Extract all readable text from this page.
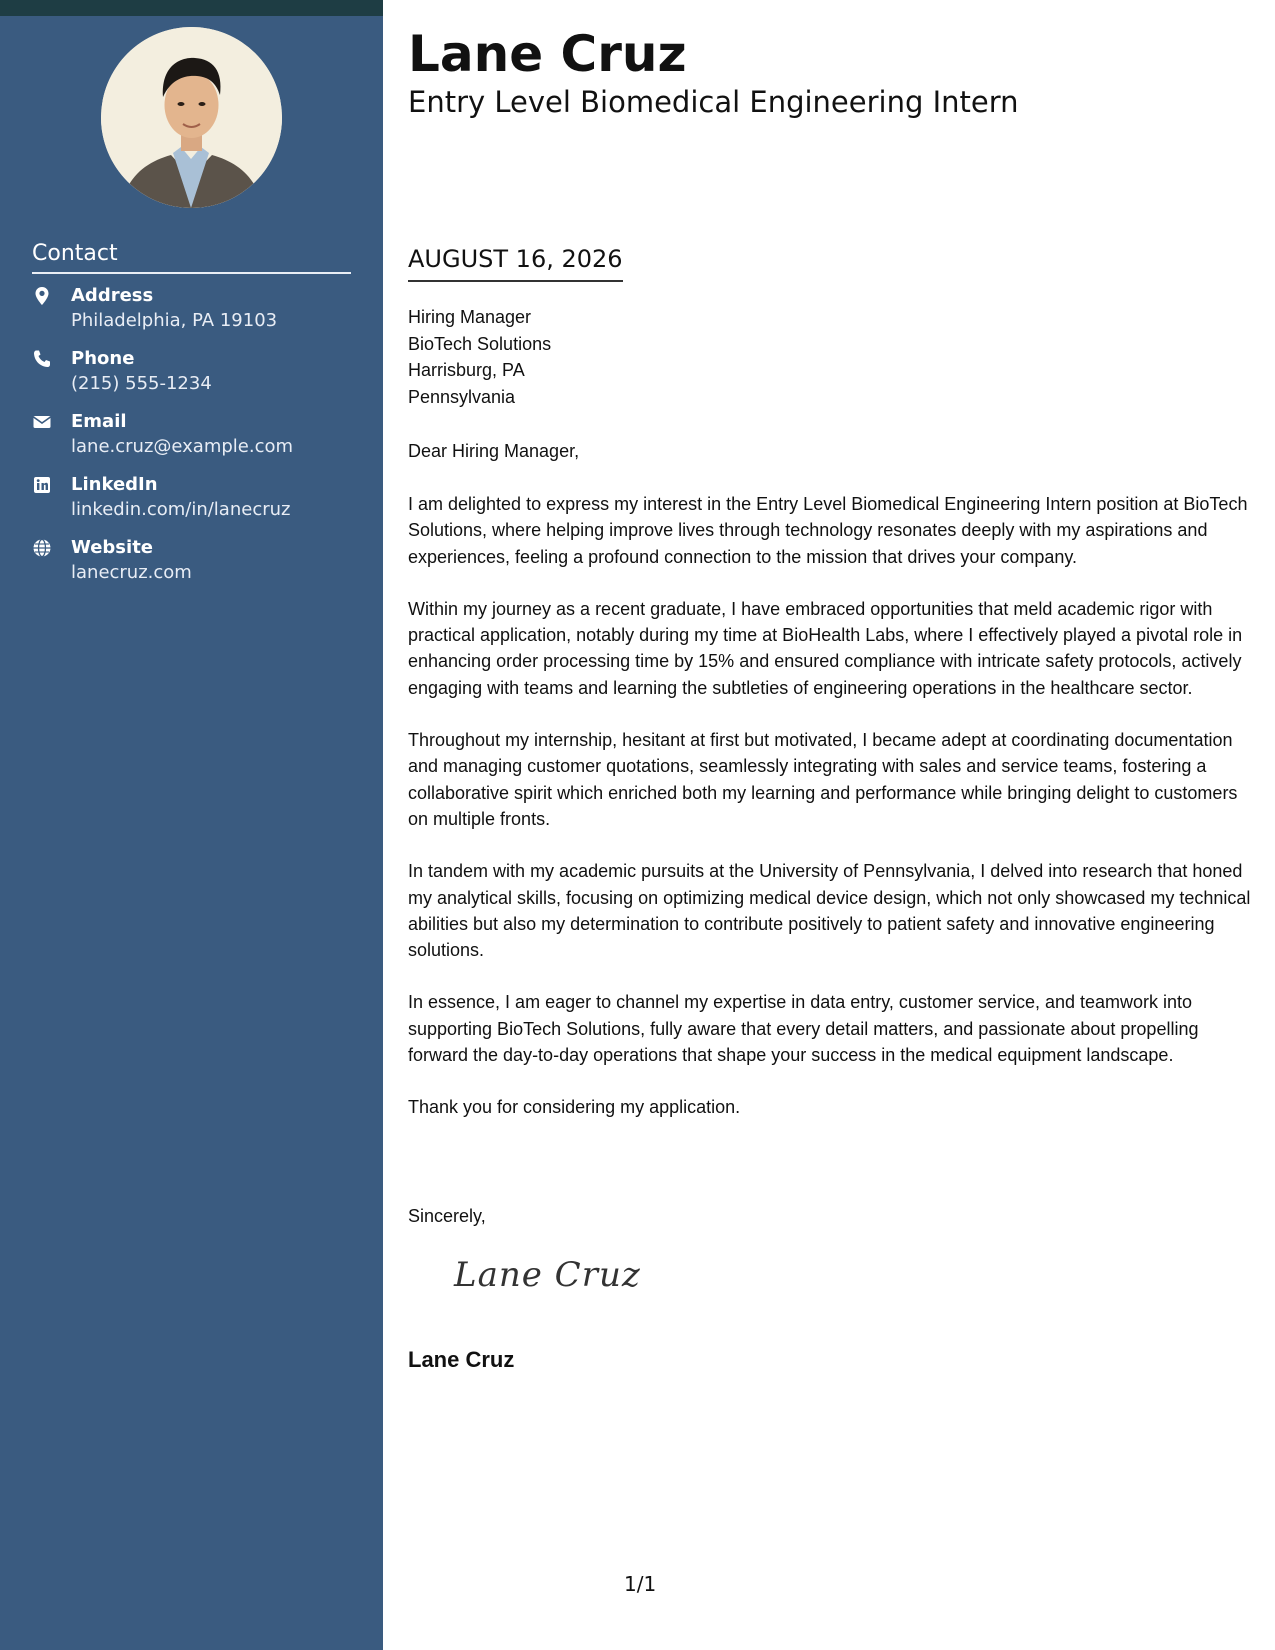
Contact
Address
Philadelphia, PA 19103
Phone
(215) 555-1234
Email
lane.cruz@example.com
LinkedIn
linkedin.com/in/lanecruz
Website
lanecruz.com
Lane Cruz
Entry Level Biomedical Engineering Intern
AUGUST 16, 2026
Hiring Manager
BioTech Solutions
Harrisburg, PA
Pennsylvania
Dear Hiring Manager,

I am delighted to express my interest in the Entry Level Biomedical Engineering Intern position at BioTech Solutions, where helping improve lives through technology resonates deeply with my aspirations and experiences, feeling a profound connection to the mission that drives your company.

Within my journey as a recent graduate, I have embraced opportunities that meld academic rigor with practical application, notably during my time at BioHealth Labs, where I effectively played a pivotal role in enhancing order processing time by 15% and ensured compliance with intricate safety protocols, actively engaging with teams and learning the subtleties of engineering operations in the healthcare sector.

Throughout my internship, hesitant at first but motivated, I became adept at coordinating documentation and managing customer quotations, seamlessly integrating with sales and service teams, fostering a collaborative spirit which enriched both my learning and performance while bringing delight to customers on multiple fronts.

In tandem with my academic pursuits at the University of Pennsylvania, I delved into research that honed my analytical skills, focusing on optimizing medical device design, which not only showcased my technical abilities but also my determination to contribute positively to patient safety and innovative engineering solutions.

In essence, I am eager to channel my expertise in data entry, customer service, and teamwork into supporting BioTech Solutions, fully aware that every detail matters, and passionate about propelling forward the day-to-day operations that shape your success in the medical equipment landscape.

Thank you for considering my application.

Sincerely,
Lane Cruz
Lane Cruz
1/1
